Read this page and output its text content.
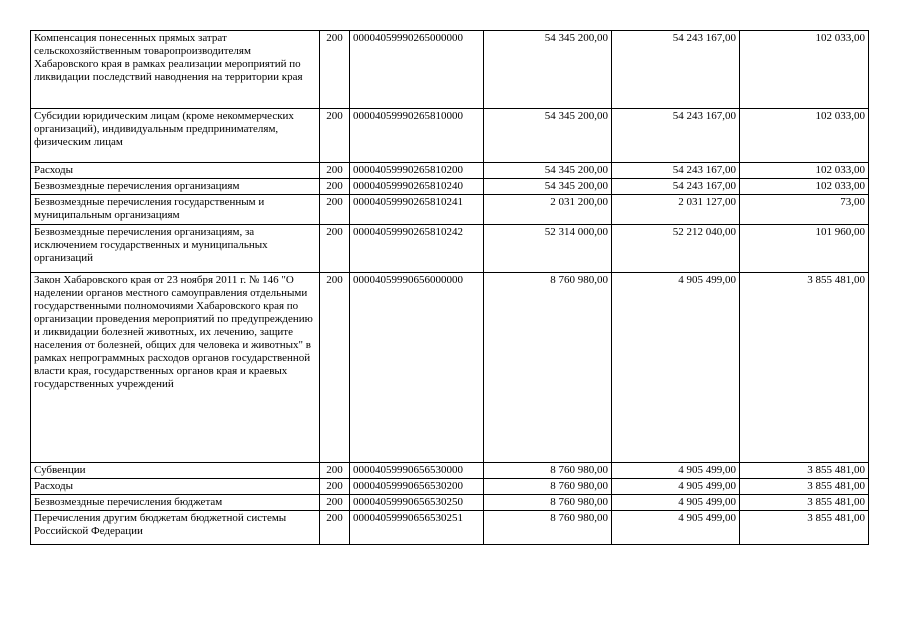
Компенсация понесенных прямых затрат сельскохозяйственным товаропроизводителям Хабаровского края в рамках реализации мероприятий по ликвидации последствий наводнения на территории края	200	00004059990265000000	54 345 200,00	54 243 167,00	102 033,00
Субсидии юридическим лицам (кроме некоммерческих организаций), индивидуальным предпринимателям, физическим лицам	200	00004059990265810000	54 345 200,00	54 243 167,00	102 033,00
Расходы	200	00004059990265810200	54 345 200,00	54 243 167,00	102 033,00
Безвозмездные перечисления организациям	200	00004059990265810240	54 345 200,00	54 243 167,00	102 033,00
Безвозмездные перечисления государственным и муниципальным организациям	200	00004059990265810241	2 031 200,00	2 031 127,00	73,00
Безвозмездные перечисления организациям, за исключением государственных и муниципальных организаций	200	00004059990265810242	52 314 000,00	52 212 040,00	101 960,00
Закон Хабаровского края от 23 ноября 2011 г. № 146 "О наделении органов местного самоуправления отдельными государственными полномочиями Хабаровского края по организации проведения мероприятий по предупреждению и ликвидации болезней животных, их лечению, защите населения от болезней, общих для человека и животных" в рамках непрограммных расходов органов государственной власти края, государственных органов края и краевых государственных учреждений	200	00004059990656000000	8 760 980,00	4 905 499,00	3 855 481,00
Субвенции	200	00004059990656530000	8 760 980,00	4 905 499,00	3 855 481,00
Расходы	200	00004059990656530200	8 760 980,00	4 905 499,00	3 855 481,00
Безвозмездные перечисления бюджетам	200	00004059990656530250	8 760 980,00	4 905 499,00	3 855 481,00
Перечисления другим бюджетам бюджетной системы Российской Федерации	200	00004059990656530251	8 760 980,00	4 905 499,00	3 855 481,00
